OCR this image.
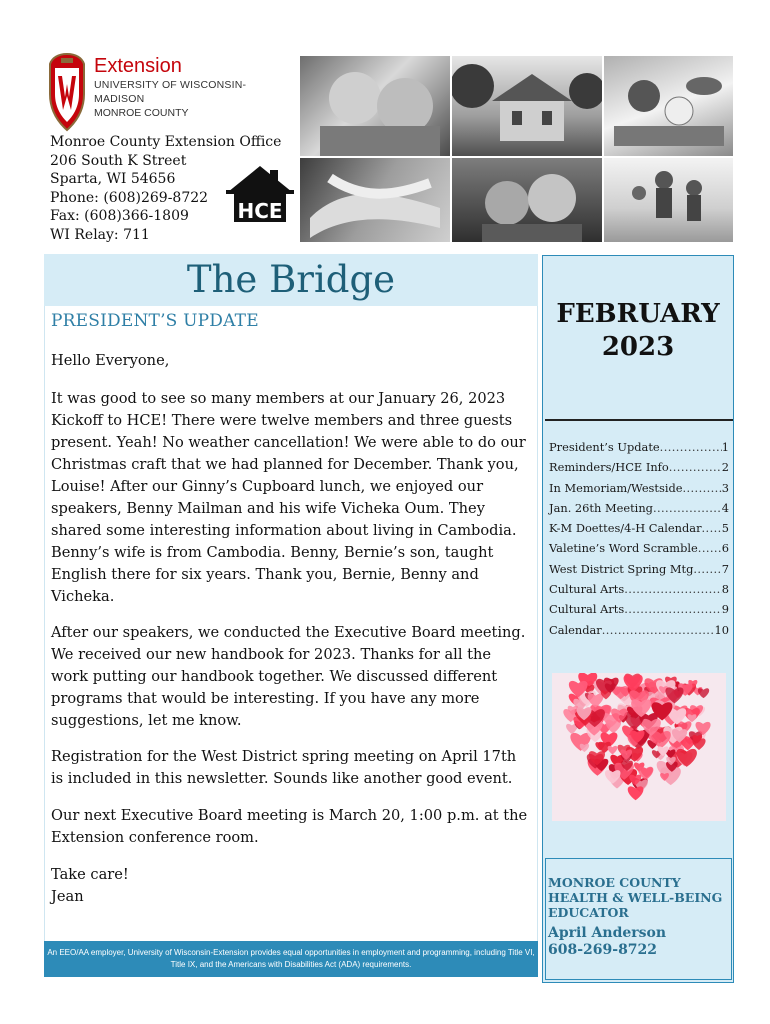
Extension
UNIVERSITY OF WISCONSIN-MADISON
MONROE COUNTY
Monroe County Extension Office
206 South K Street
Sparta, WI 54656
Phone: (608)269-8722
Fax: (608)366-1809
WI Relay: 711
HCE
The Bridge
PRESIDENT’S UPDATE

Hello Everyone,

It was good to see so many members at our January 26, 2023 Kickoff to HCE! There were twelve members and three guests present. Yeah! No weather cancellation! We were able to do our Christmas craft that we had planned for December. Thank you, Louise! After our Ginny’s Cupboard lunch, we enjoyed our speakers, Benny Mailman and his wife Vicheka Oum. They shared some interesting information about living in Cambodia. Benny’s wife is from Cambodia. Benny, Bernie’s son, taught English there for six years. Thank you, Bernie, Benny and Vicheka.

After our speakers, we conducted the Executive Board meeting. We received our new handbook for 2023. Thanks for all the work putting our handbook together. We discussed different programs that would be interesting. If you have any more suggestions, let me know.

Registration for the West District spring meeting on April 17th is included in this newsletter. Sounds like another good event.

Our next Executive Board meeting is March 20, 1:00 p.m. at the Extension conference room.

Take care!
Jean
An EEO/AA employer, University of Wisconsin-Extension provides equal opportunities in employment and programming, including Title VI, Title IX, and the Americans with Disabilities Act (ADA) requirements.
FEBRUARY
2023
President’s Update .....	1
Reminders/HCE Info .....	2
In Memoriam/Westside .....	3
Jan. 26th Meeting .....	4
K-M Doettes/4-H Calendar ..... 5
Valetine’s Word Scramble ..... 6
West District Spring Mtg ..... 7
Cultural Arts .....	8
Cultural Arts .....	9
Calendar .....	10
MONROE COUNTY
HEALTH & WELL-BEING
EDUCATOR
April Anderson
608-269-8722
